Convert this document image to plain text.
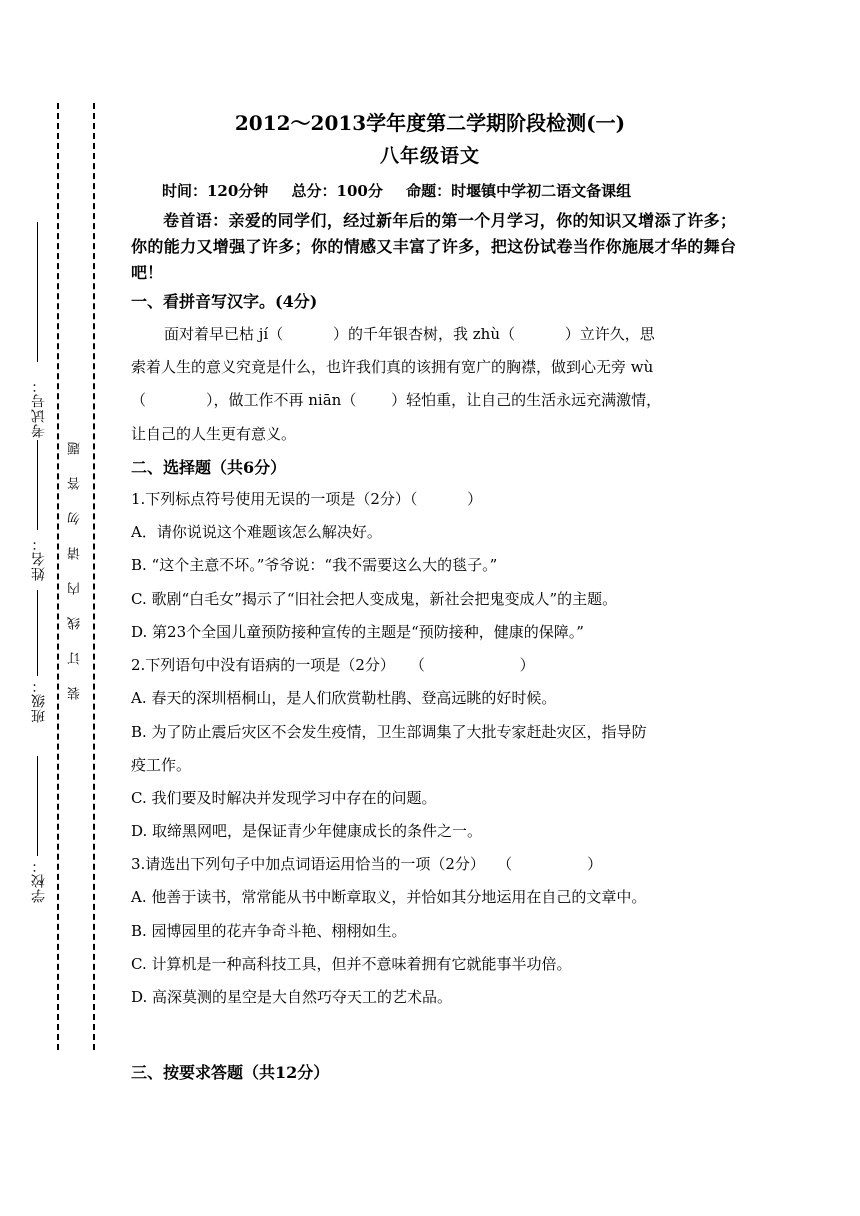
考试号：
姓名：
班级：
学校：
装订线内请勿答题
2012～2013学年度第二学期阶段检测(一)
八年级语文
时间：120分钟 总分：100分 命题：时堰镇中学初二语文备课组
卷首语：亲爱的同学们，经过新年后的第一个月学习，你的知识又增添了许多；你的能力又增强了许多；你的情感又丰富了许多，把这份试卷当作你施展才华的舞台吧！
一、看拼音写汉字。(4分)
面对着早已枯 jí（　　　 ）的千年银杏树，我 zhù（　　　 ）立许久，思
索着人生的意义究竟是什么，也许我们真的该拥有宽广的胸襟，做到心无旁 wù
（　　　　），做工作不再 niān（　　 ）轻怕重，让自己的生活永远充满激情，
让自己的人生更有意义。
二、选择题（共6分）
1.下列标点符号使用无误的一项是（2分）（　　　 ）
A．请你说说这个难题该怎么解决好。
B. “这个主意不坏。”爷爷说：“我不需要这么大的毯子。”
C. 歌剧“白毛女”揭示了“旧社会把人变成鬼，新社会把鬼变成人”的主题。
D. 第23个全国儿童预防接种宣传的主题是“预防接种，健康的保障。”
2.下列语句中没有语病的一项是（2分）　　（　　　　　　 ）
A. 春天的深圳梧桐山，是人们欣赏勒杜鹃、登高远眺的好时候。
B. 为了防止震后灾区不会发生疫情，卫生部调集了大批专家赶赴灾区，指导防
疫工作。
C. 我们要及时解决并发现学习中存在的问题。
D. 取缔黑网吧，是保证青少年健康成长的条件之一。
3.请选出下列句子中加点词语运用恰当的一项（2分）　 （　　　　　）
A. 他善于读书，常常能从书中断章取义，并恰如其分地运用在自己的文章中。
B. 园博园里的花卉争奇斗艳、栩栩如生。
C. 计算机是一种高科技工具，但并不意味着拥有它就能事半功倍。
D. 高深莫测的星空是大自然巧夺天工的艺术品。
三、按要求答题（共12分）
